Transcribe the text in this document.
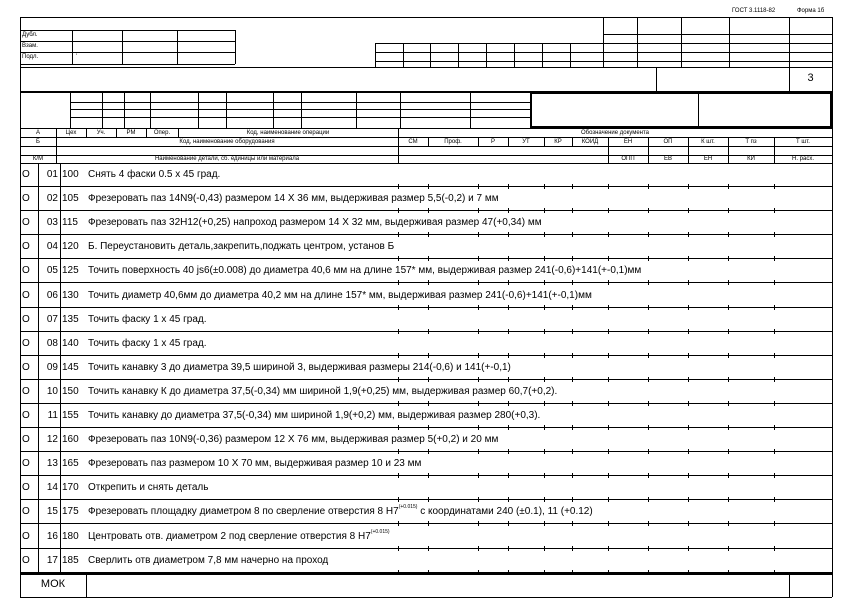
ГОСТ 3.1118-82	Форма 1б
Дубл.
Взам.
Подл.	'
3
А	Цех	Уч.	РМ	Опер.	Код, наименование операции	Обозначение документа
Б	Код, наименование оборудования	СМ	Проф.	Р	УТ	КР	КОИД	ЕН	ОП	К шт.	Т пз	Т шт.
К/М	Наименование детали, сб. единицы или материала	ОПП	ЕВ	ЕН	КИ	Н. расх.
О	01 100 Снять 4 фаски 0.5 х 45 град.
О	02 105 Фрезеровать паз 14N9(-0,43) размером 14 Х 36 мм, выдерживая размер 5,5(-0,2) и 7 мм
О	03 115 Фрезеровать паз 32H12(+0,25) напроход размером 14 Х 32 мм, выдерживая размер 47(+0,34) мм
О	04 120 Б. Переустановить деталь,закрепить,поджать центром, установ Б
О	05 125 Точить поверхность 40 js6(±0.008) до диаметра 40,6 мм на длине 157* мм, выдерживая размер 241(-0,6)+141(+-0,1)мм
О	06 130 Точить диаметр 40,6мм до диаметра 40,2 мм на длине 157* мм, выдерживая размер 241(-0,6)+141(+-0,1)мм
О	07 135 Точить фаску 1 х 45 град.
О	08 140 Точить фаску 1 х 45 град.
О	09 145 Точить канавку 3 до диаметра 39,5 шириной 3, выдерживая размеры 214(-0,6) и 141(+-0,1)
О	10 150 Точить канавку К до диаметра 37,5(-0,34) мм шириной 1,9(+0,25) мм, выдерживая размер 60,7(+0,2).
О	11 155 Точить канавку до диаметра 37,5(-0,34) мм шириной 1,9(+0,2) мм, выдерживая размер 280(+0,3).
О	12 160 Фрезеровать паз 10N9(-0,36) размером 12 Х 76 мм, выдерживая размер 5(+0,2) и 20 мм
О	13 165 Фрезеровать паз размером 10 Х 70 мм, выдерживая размер 10 и 23 мм
О	14 170 Открепить и снять деталь
О	15 175 Фрезеровать площадку диаметром 8 по сверление отверстия 8 $H7^{(+0.015)}$ с координатами 240 (±0.1), 11 (+0.12)
О	16 180 Центровать отв. диаметром 2 под сверление отверстия 8 $H7^{(+0.015)}$
О	17 185 Сверлить отв диаметром 7,8 мм начерно на проход
МОК
